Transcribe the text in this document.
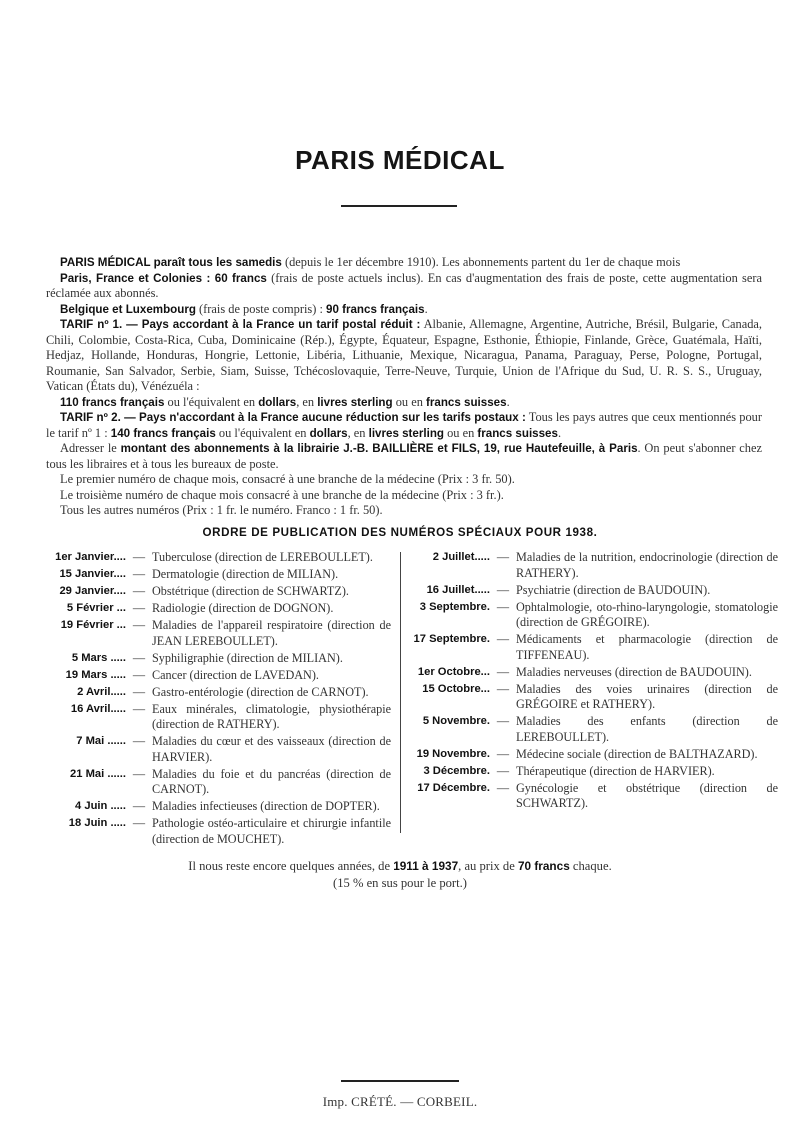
PARIS MÉDICAL

PARIS MÉDICAL paraît tous les samedis (depuis le 1er décembre 1910). Les abonnements partent du 1er de chaque mois

Paris, France et Colonies : 60 francs (frais de poste actuels inclus). En cas d'augmentation des frais de poste, cette augmentation sera réclamée aux abonnés.

Belgique et Luxembourg (frais de poste compris) : 90 francs français.

TARIF nº 1. — Pays accordant à la France un tarif postal réduit : Albanie, Allemagne, Argentine, Autriche, Brésil, Bulgarie, Canada, Chili, Colombie, Costa-Rica, Cuba, Dominicaine (Rép.), Égypte, Équateur, Espagne, Esthonie, Éthiopie, Finlande, Grèce, Guatémala, Haïti, Hedjaz, Hollande, Honduras, Hongrie, Lettonie, Libéria, Lithuanie, Mexique, Nicaragua, Panama, Paraguay, Perse, Pologne, Portugal, Roumanie, San Salvador, Serbie, Siam, Suisse, Tchécoslovaquie, Terre-Neuve, Turquie, Union de l'Afrique du Sud, U. R. S. S., Uruguay, Vatican (États du), Vénézuéla :

110 francs français ou l'équivalent en dollars, en livres sterling ou en francs suisses.

TARIF nº 2. — Pays n'accordant à la France aucune réduction sur les tarifs postaux : Tous les pays autres que ceux mentionnés pour le tarif nº 1 : 140 francs français ou l'équivalent en dollars, en livres sterling ou en francs suisses.

Adresser le montant des abonnements à la librairie J.-B. BAILLIÈRE et FILS, 19, rue Hautefeuille, à Paris. On peut s'abonner chez tous les libraires et à tous les bureaux de poste.

Le premier numéro de chaque mois, consacré à une branche de la médecine (Prix : 3 fr. 50).

Le troisième numéro de chaque mois consacré à une branche de la médecine (Prix : 3 fr.).

Tous les autres numéros (Prix : 1 fr. le numéro. Franco : 1 fr. 50).

ORDRE DE PUBLICATION DES NUMÉROS SPÉCIAUX POUR 1938.
1er Janvier.... — Tuberculose (direction de LEREBOULLET).
15 Janvier.... — Dermatologie (direction de MILIAN).
29 Janvier.... — Obstétrique (direction de SCHWARTZ).
5 Février ... — Radiologie (direction de DOGNON).
19 Février ... — Maladies de l'appareil respiratoire (direction de JEAN LEREBOULLET).
5 Mars ..... — Syphiligraphie (direction de MILIAN).
19 Mars ..... — Cancer (direction de LAVEDAN).
2 Avril..... — Gastro-entérologie (direction de CARNOT).
16 Avril..... — Eaux minérales, climatologie, physiothérapie (direction de RATHERY).
7 Mai ...... — Maladies du cœur et des vaisseaux (direction de HARVIER).
21 Mai ...... — Maladies du foie et du pancréas (direction de CARNOT).
4 Juin ..... — Maladies infectieuses (direction de DOPTER).
18 Juin ..... — Pathologie ostéo-articulaire et chirurgie infantile (direction de MOUCHET).
2 Juillet..... — Maladies de la nutrition, endocrinologie (direction de RATHERY).
16 Juillet..... — Psychiatrie (direction de BAUDOUIN).
3 Septembre. — Ophtalmologie, oto-rhino-laryngologie, stomatologie (direction de GRÉGOIRE).
17 Septembre. — Médicaments et pharmacologie (direction de TIFFENEAU).
1er Octobre... — Maladies nerveuses (direction de BAUDOUIN).
15 Octobre... — Maladies des voies urinaires (direction de GRÉGOIRE et RATHERY).
5 Novembre. — Maladies des enfants (direction de LEREBOULLET).
19 Novembre. — Médecine sociale (direction de BALTHAZARD).
3 Décembre. — Thérapeutique (direction de HARVIER).
17 Décembre. — Gynécologie et obstétrique (direction de SCHWARTZ).
Il nous reste encore quelques années, de 1911 à 1937, au prix de 70 francs chaque.
(15 % en sus pour le port.)
Imp. CRÉTÉ. — CORBEIL.
